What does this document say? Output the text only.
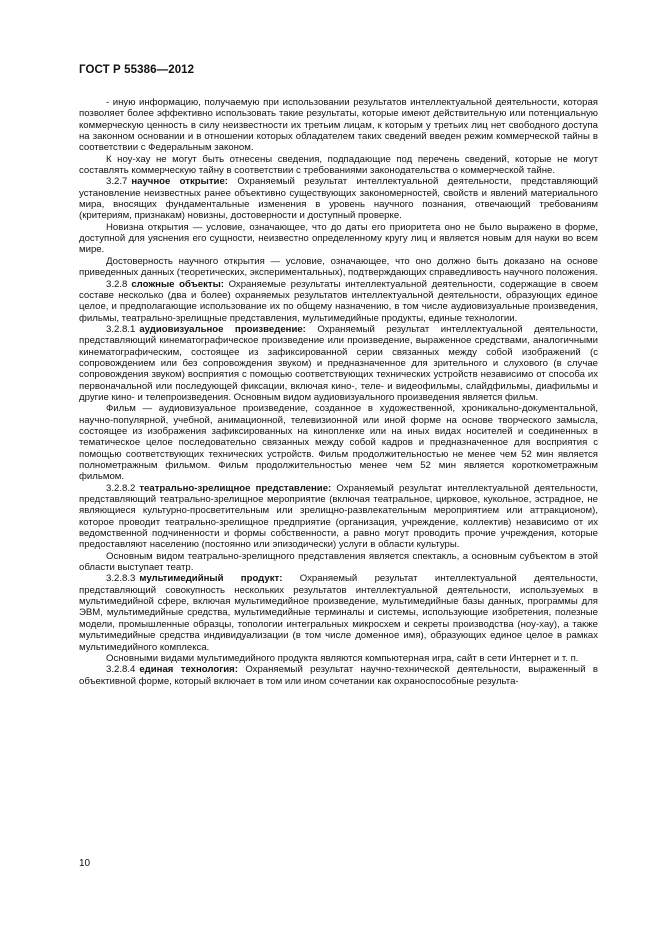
ГОСТ Р 55386—2012

- иную информацию, получаемую при использовании результатов интеллектуальной деятельности, которая позволяет более эффективно использовать такие результаты, которые имеют действительную или потенциальную коммерческую ценность в силу неизвестности их третьим лицам, к которым у третьих лиц нет свободного доступа на законном основании и в отношении которых обладателем таких сведений введен режим коммерческой тайны в соответствии с Федеральным законом.

К ноу-хау не могут быть отнесены сведения, подпадающие под перечень сведений, которые не могут составлять коммерческую тайну в соответствии с требованиями законодательства о коммерческой тайне.

3.2.7 научное открытие: Охраняемый результат интеллектуальной деятельности, представляющий установление неизвестных ранее объективно существующих закономерностей, свойств и явлений материального мира, вносящих фундаментальные изменения в уровень научного познания, отвечающий требованиям (критериям, признакам) новизны, достоверности и доступный проверке.

Новизна открытия — условие, означающее, что до даты его приоритета оно не было выражено в форме, доступной для уяснения его сущности, неизвестно определенному кругу лиц и является новым для науки во всем мире.

Достоверность научного открытия — условие, означающее, что оно должно быть доказано на основе приведенных данных (теоретических, экспериментальных), подтверждающих справедливость научного положения.

3.2.8 сложные объекты: Охраняемые результаты интеллектуальной деятельности, содержащие в своем составе несколько (два и более) охраняемых результатов интеллектуальной деятельности, образующих единое целое, и предполагающие использование их по общему назначению, в том числе аудиовизуальные произведения, фильмы, театрально-зрелищные представления, мультимедийные продукты, единые технологии.

3.2.8.1 аудиовизуальное произведение: Охраняемый результат интеллектуальной деятельности, представляющий кинематографическое произведение или произведение, выраженное средствами, аналогичными кинематографическим, состоящее из зафиксированной серии связанных между собой изображений (с сопровождением или без сопровождения звуком) и предназначенное для зрительного и слухового (в случае сопровождения звуком) восприятия с помощью соответствующих технических устройств независимо от способа их первоначальной или последующей фиксации, включая кино-, теле- и видеофильмы, слайдфильмы, диафильмы и другие кино- и телепроизведения. Основным видом аудиовизуального произведения является фильм.

Фильм — аудиовизуальное произведение, созданное в художественной, хроникально-документальной, научно-популярной, учебной, анимационной, телевизионной или иной форме на основе творческого замысла, состоящее из изображения зафиксированных на кинопленке или на иных видах носителей и соединенных в тематическое целое последовательно связанных между собой кадров и предназначенное для восприятия с помощью соответствующих технических устройств. Фильм продолжительностью не менее чем 52 мин является полнометражным фильмом. Фильм продолжительностью менее чем 52 мин является короткометражным фильмом.

3.2.8.2 театрально-зрелищное представление: Охраняемый результат интеллектуальной деятельности, представляющий театрально-зрелищное мероприятие (включая театральное, цирковое, кукольное, эстрадное, не являющиеся культурно-просветительным или зрелищно-развлекательным мероприятием или аттракционом), которое проводит театрально-зрелищное предприятие (организация, учреждение, коллектив) независимо от их ведомственной подчиненности и формы собственности, а равно могут проводить прочие учреждения, которые предоставляют населению (постоянно или эпизодически) услуги в области культуры.

Основным видом театрально-зрелищного представления является спектакль, а основным субъектом в этой области выступает театр.

3.2.8.3 мультимедийный продукт: Охраняемый результат интеллектуальной деятельности, представляющий совокупность нескольких результатов интеллектуальной деятельности, используемых в мультимедийной сфере, включая мультимедийное произведение, мультимедийные базы данных, программы для ЭВМ, мультимедийные средства, мультимедийные терминалы и системы, использующие изобретения, полезные модели, промышленные образцы, топологии интегральных микросхем и секреты производства (ноу-хау), а также мультимедийные средства индивидуализации (в том числе доменное имя), образующих единое целое в рамках мультимедийного комплекса.

Основными видами мультимедийного продукта являются компьютерная игра, сайт в сети Интернет и т. п.

3.2.8.4 единая технология: Охраняемый результат научно-технической деятельности, выраженный в объективной форме, который включает в том или ином сочетании как охраноспособные результа-

10
